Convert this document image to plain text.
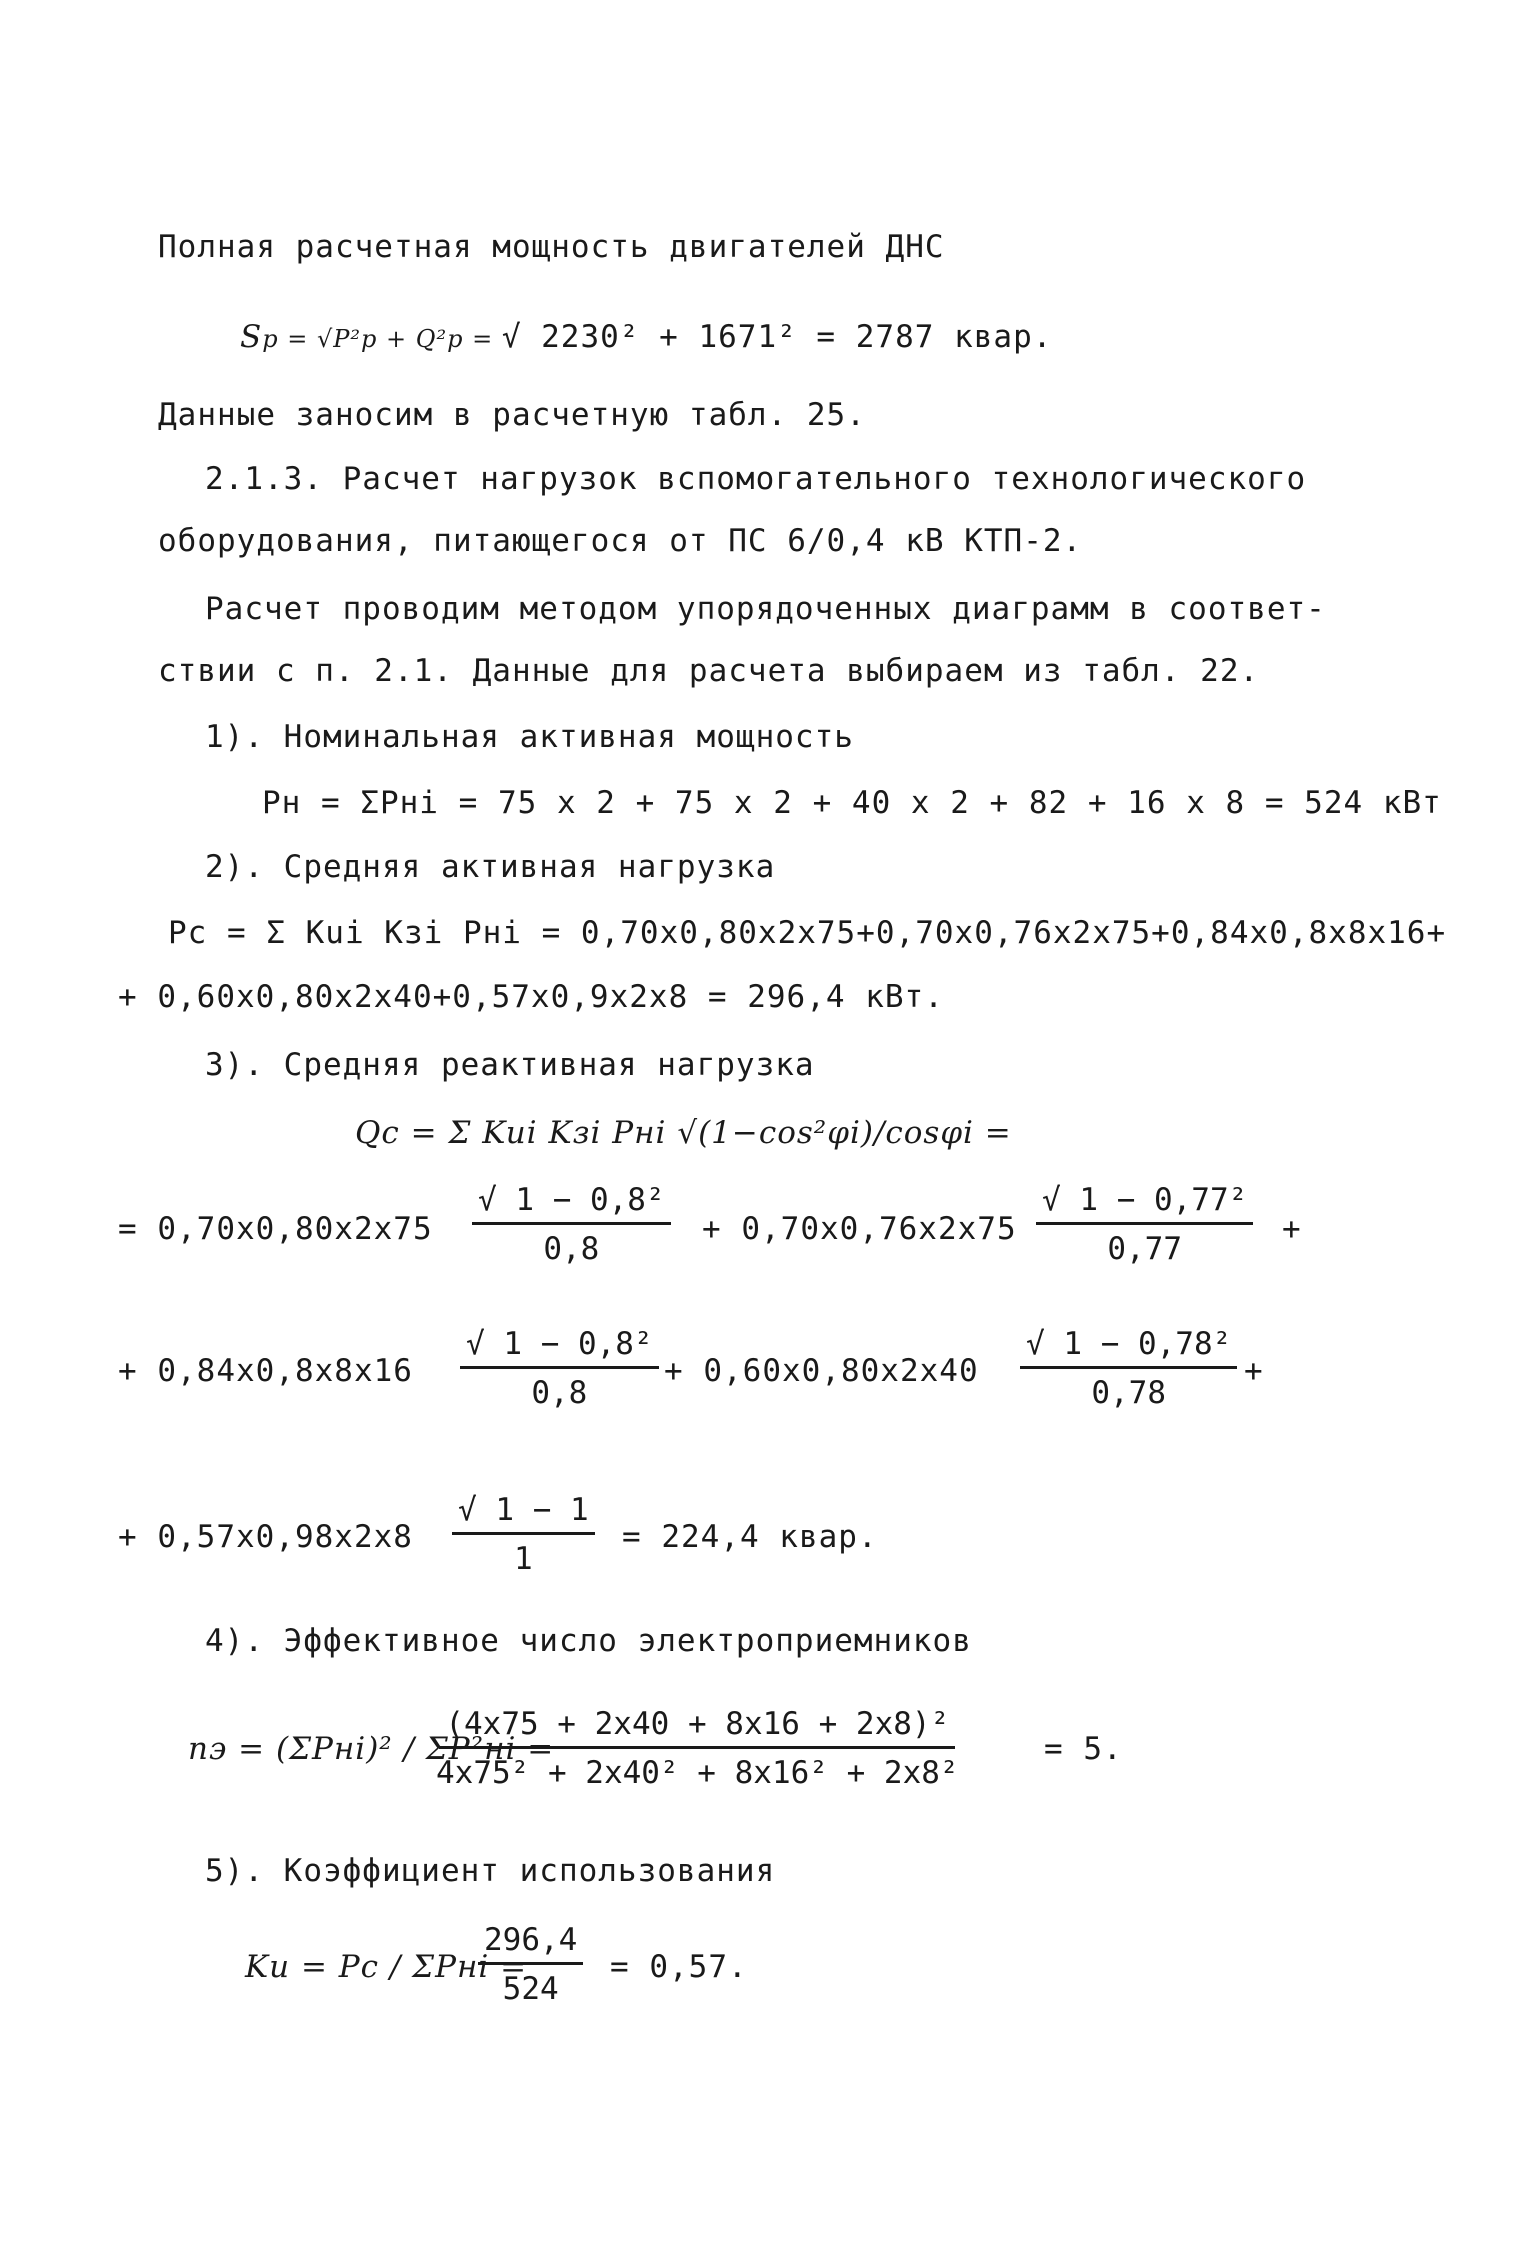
Полная расчетная мощность двигателей ДНС
Sр = √P²р + Q²р = √ 2230² + 1671² = 2787 квар.
Данные заносим в расчетную табл. 25.
2.1.3. Расчет нагрузок вспомогательного технологического
оборудования, питающегося от ПС 6/0,4 кВ КТП-2.
Расчет проводим методом упорядоченных диаграмм в соответ-
ствии с п. 2.1. Данные для расчета выбираем из табл. 22.
1). Номинальная активная мощность
Pн = ΣPнi = 75 x 2 + 75 x 2 + 40 x 2 + 82 + 16 x 8 = 524 кВт
2). Средняя активная нагрузка
Pс = Σ Kui Kзi Pнi = 0,70x0,80x2x75+0,70x0,76x2x75+0,84x0,8x8x16+
+ 0,60x0,80x2x40+0,57x0,9x2x8 = 296,4 кВт.
3). Средняя реактивная нагрузка
Qс = Σ Kui Kзi Pнi √(1−cos²φi)/cosφi =
= $0,70x0,80x2x75 \frac{\text{√ 1 − 0,8²}}{0,8} + 0,70x0,76x2x75 \frac{\text{√ 1 − 0,77²}}{0,77}$ +
+ $0,84x0,8x8x16 \frac{\text{√ 1 − 0,8²}}{0,8} + 0,60x0,80x2x40 \frac{\text{√ 1 − 0,78²}}{0,78}$ +
+ $0,57x0,98x2x8 \frac{√ 1 - 1}{1} = 224,4$ квар.
4). Эффективное число электроприемников
nэ = (ΣPнi)² / ΣP²нi =
$\frac{\text{(4x75 + 2x40 + 8x16 + 2x8)²}}{\text{4x75² + 2x40² + 8x16² + 2x8²}}$	= 5.
5). Коэффициент использования
Kи = Pс / ΣPнi =
$\frac{296,4}{524} = 0,57$.
